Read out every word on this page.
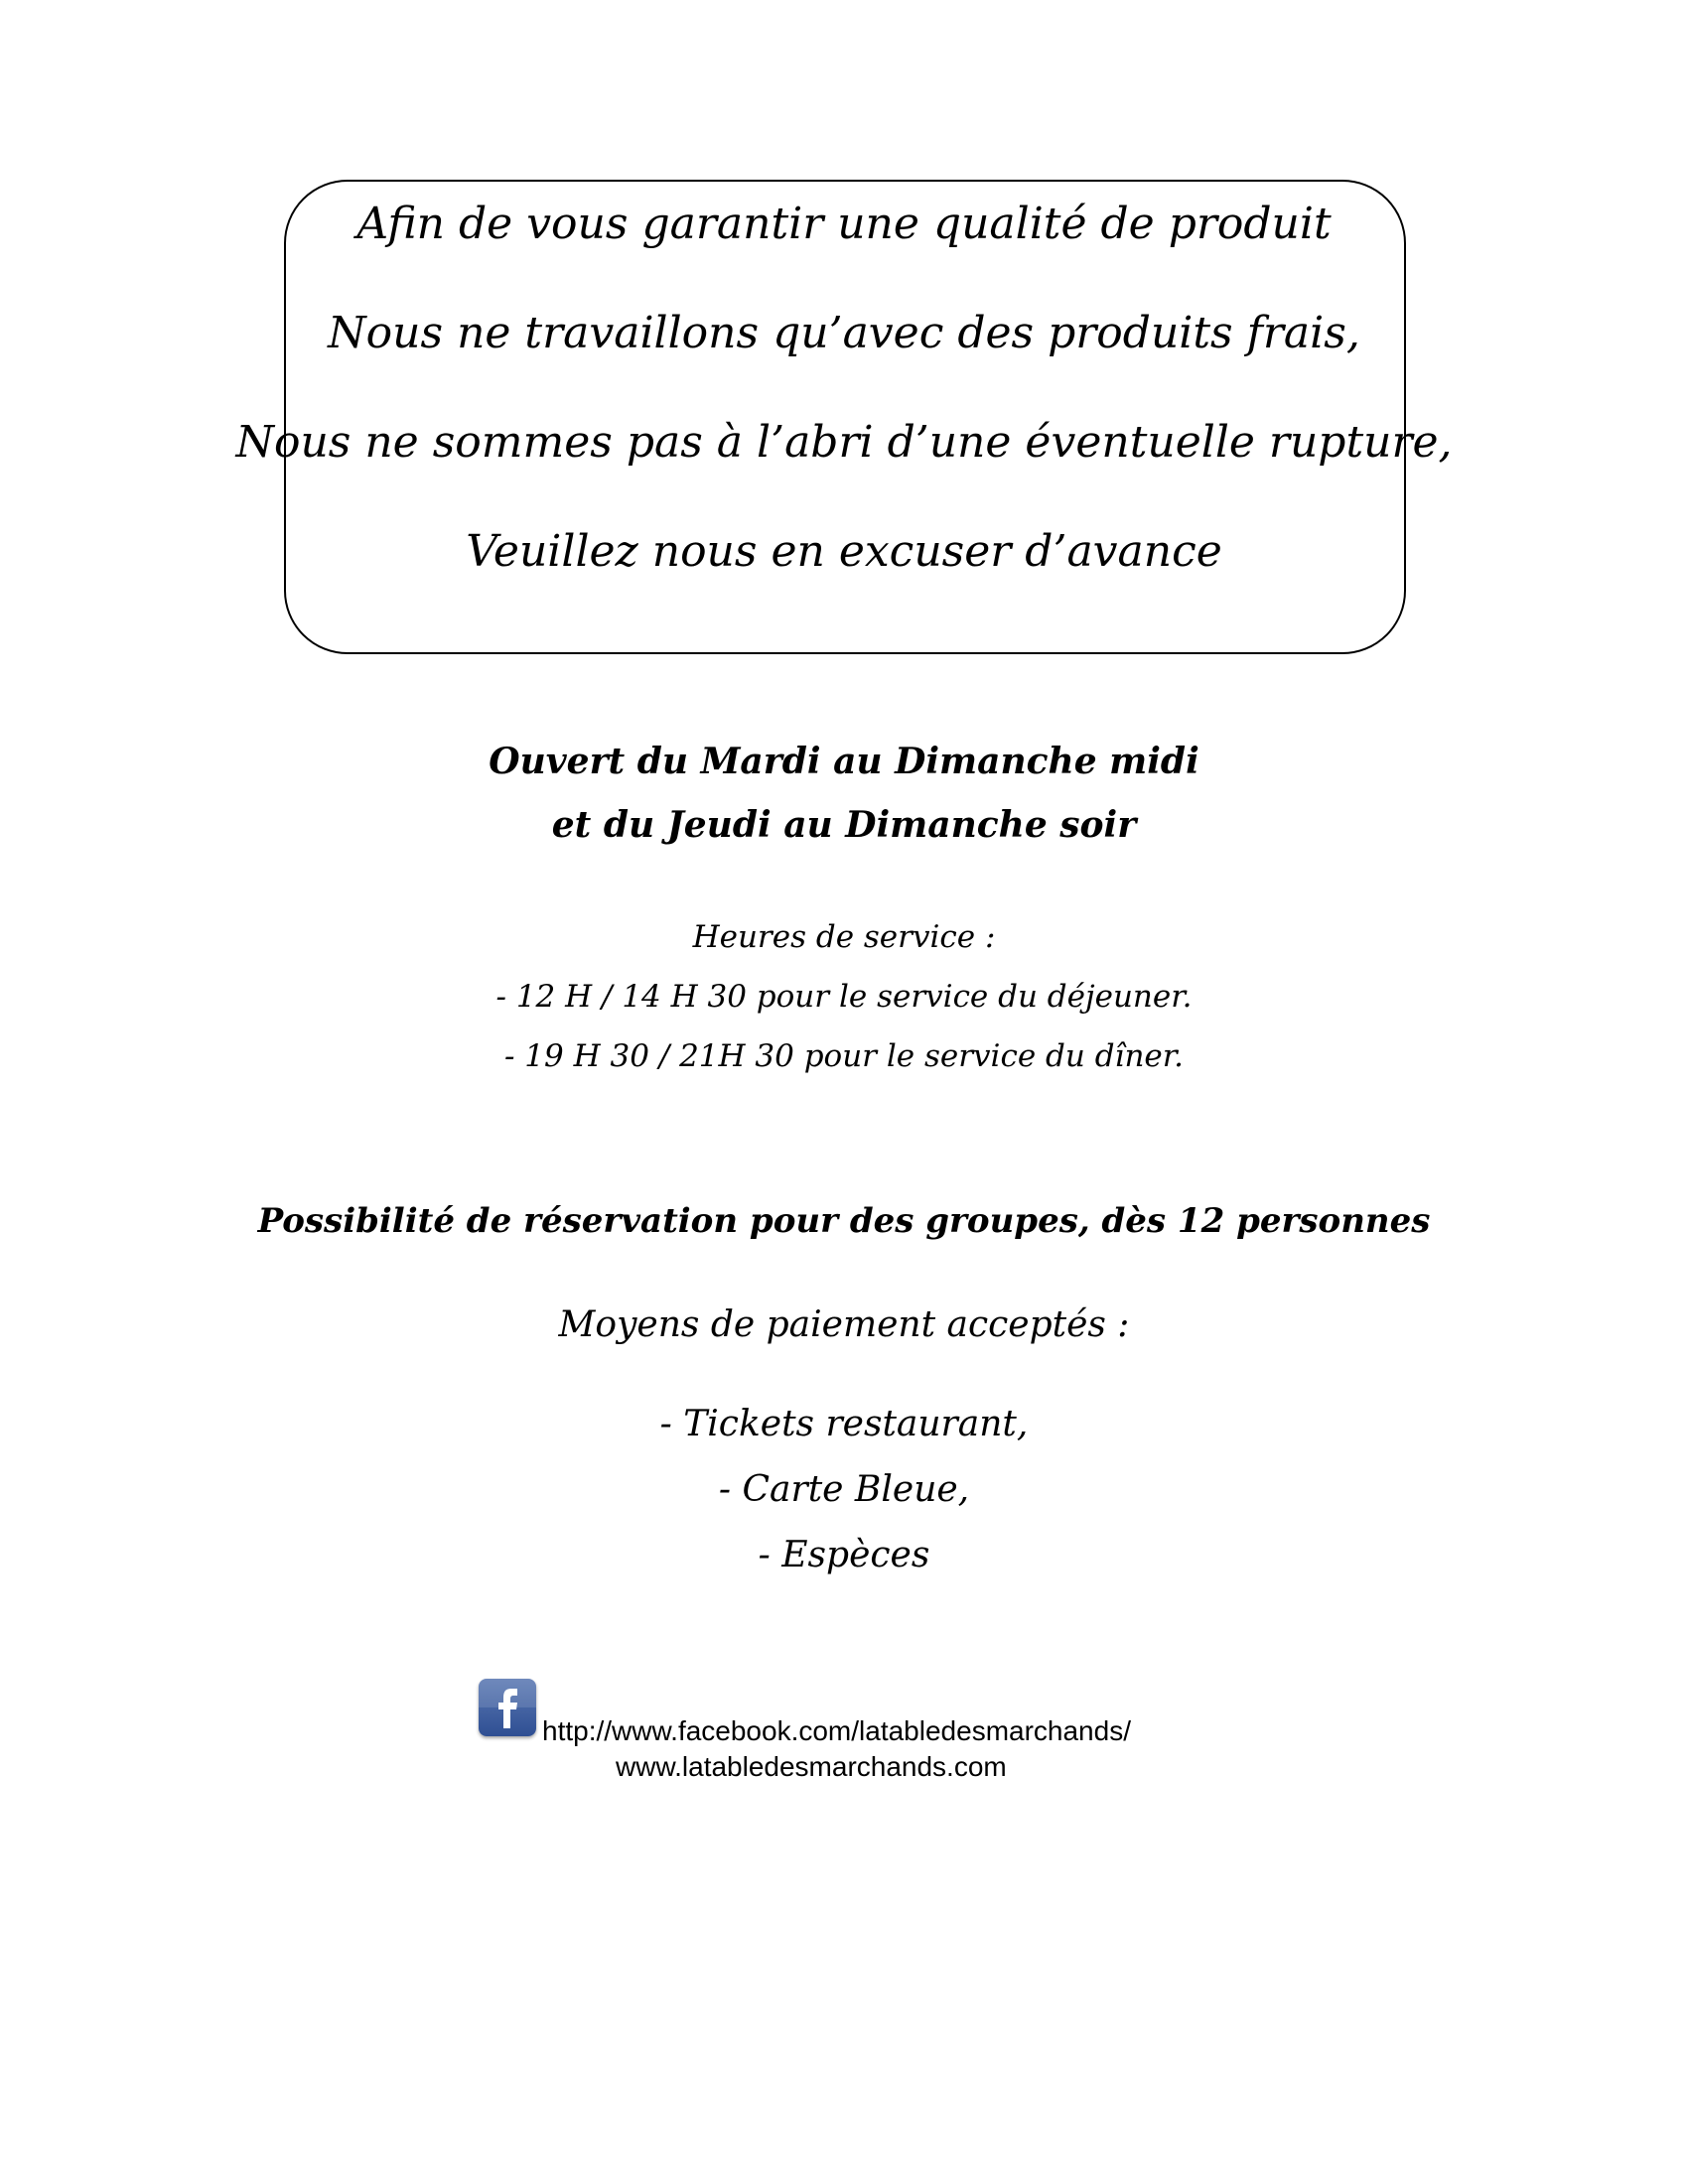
Afin de vous garantir une qualité de produit
Nous ne travaillons qu’avec des produits frais,
Nous ne sommes pas à l’abri d’une éventuelle rupture,
Veuillez nous en excuser d’avance
Ouvert du Mardi au Dimanche midi
et du Jeudi au Dimanche soir
Heures de service :
- 12 H / 14 H 30 pour le service du déjeuner.
- 19 H 30 / 21H 30 pour le service du dîner.
Possibilité de réservation pour des groupes, dès 12 personnes
Moyens de paiement acceptés :
- Tickets restaurant,
- Carte Bleue,
- Espèces
http://www.facebook.com/latabledesmarchands/
www.latabledesmarchands.com
